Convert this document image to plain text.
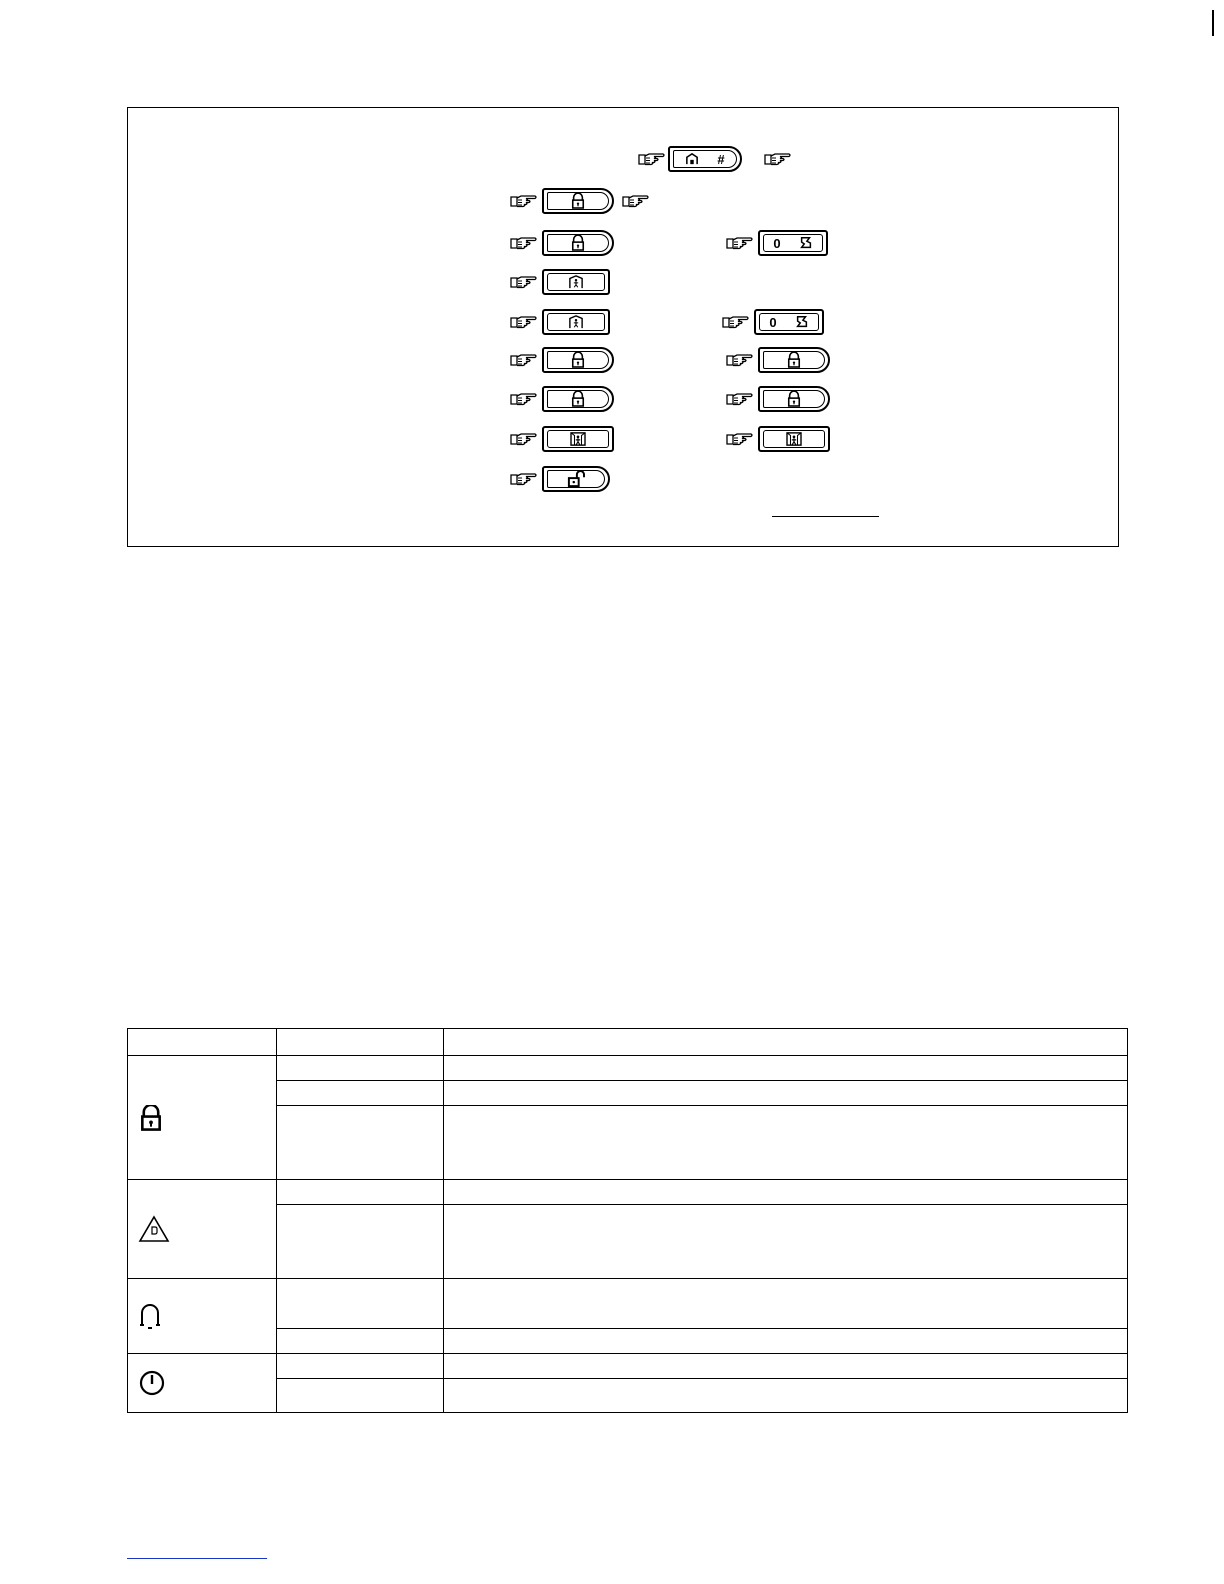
#
0
0
